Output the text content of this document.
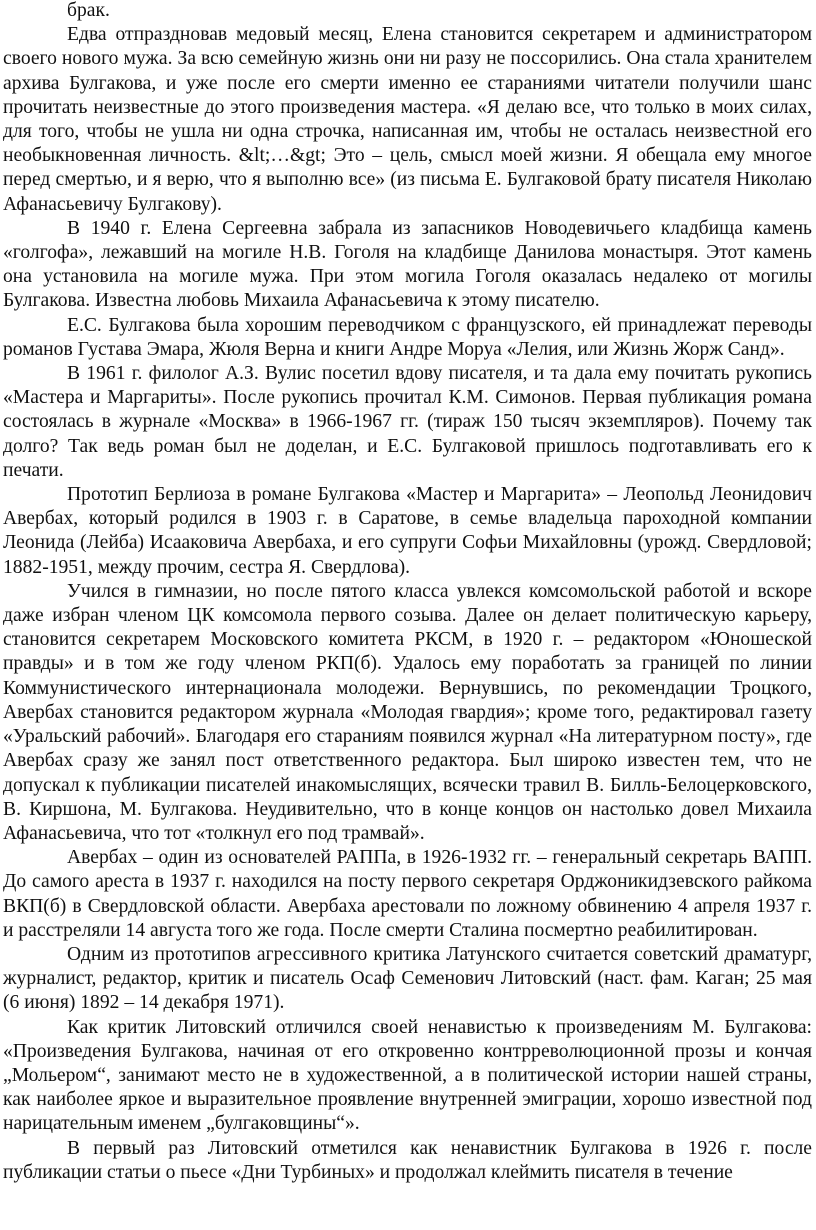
брак.

Едва отпраздновав медовый месяц, Елена становится секретарем и администратором своего нового мужа. За всю семейную жизнь они ни разу не поссорились. Она стала хранителем архива Булгакова, и уже после его смерти именно ее стараниями читатели получили шанс прочитать неизвестные до этого произведения мастера. «Я делаю все, что только в моих силах, для того, чтобы не ушла ни одна строчка, написанная им, чтобы не осталась неизвестной его необыкновенная личность. &lt;…&gt; Это – цель, смысл моей жизни. Я обещала ему многое перед смертью, и я верю, что я выполню все» (из письма Е. Булгаковой брату писателя Николаю Афанасьевичу Булгакову).

В 1940 г. Елена Сергеевна забрала из запасников Новодевичьего кладбища камень «голгофа», лежавший на могиле Н.В. Гоголя на кладбище Данилова монастыря. Этот камень она установила на могиле мужа. При этом могила Гоголя оказалась недалеко от могилы Булгакова. Известна любовь Михаила Афанасьевича к этому писателю.

Е.С. Булгакова была хорошим переводчиком с французского, ей принадлежат переводы романов Густава Эмара, Жюля Верна и книги Андре Моруа «Лелия, или Жизнь Жорж Санд».

В 1961 г. филолог А.З. Вулис посетил вдову писателя, и та дала ему почитать рукопись «Мастера и Маргариты». После рукопись прочитал К.М. Симонов. Первая публикация романа состоялась в журнале «Москва» в 1966-1967 гг. (тираж 150 тысяч экземпляров). Почему так долго? Так ведь роман был не доделан, и Е.С. Булгаковой пришлось подготавливать его к печати.

Прототип Берлиоза в романе Булгакова «Мастер и Маргарита» – Леопольд Леонидович Авербах, который родился в 1903 г. в Саратове, в семье владельца пароходной компании Леонида (Лейба) Исааковича Авербаха, и его супруги Софьи Михайловны (урожд. Свердловой; 1882-1951, между прочим, сестра Я. Свердлова).

Учился в гимназии, но после пятого класса увлекся комсомольской работой и вскоре даже избран членом ЦК комсомола первого созыва. Далее он делает политическую карьеру, становится секретарем Московского комитета РКСМ, в 1920 г. – редактором «Юношеской правды» и в том же году членом РКП(б). Удалось ему поработать за границей по линии Коммунистического интернационала молодежи. Вернувшись, по рекомендации Троцкого, Авербах становится редактором журнала «Молодая гвардия»; кроме того, редактировал газету «Уральский рабочий». Благодаря его стараниям появился журнал «На литературном посту», где Авербах сразу же занял пост ответственного редактора. Был широко известен тем, что не допускал к публикации писателей инакомыслящих, всячески травил В. Билль-Белоцерковского, В. Киршона, М. Булгакова. Неудивительно, что в конце концов он настолько довел Михаила Афанасьевича, что тот «толкнул его под трамвай».

Авербах – один из основателей РАППа, в 1926-1932 гг. – генеральный секретарь ВАПП. До самого ареста в 1937 г. находился на посту первого секретаря Орджоникидзевского райкома ВКП(б) в Свердловской области. Авербаха арестовали по ложному обвинению 4 апреля 1937 г. и расстреляли 14 августа того же года. После смерти Сталина посмертно реабилитирован.

Одним из прототипов агрессивного критика Латунского считается советский драматург, журналист, редактор, критик и писатель Осаф Семенович Литовский (наст. фам. Каган; 25 мая (6 июня) 1892 – 14 декабря 1971).

Как критик Литовский отличился своей ненавистью к произведениям М. Булгакова: «Произведения Булгакова, начиная от его откровенно контрреволюционной прозы и кончая „Мольером“, занимают место не в художественной, а в политической истории нашей страны, как наиболее яркое и выразительное проявление внутренней эмиграции, хорошо известной под нарицательным именем „булгаковщины“».

В первый раз Литовский отметился как ненавистник Булгакова в 1926 г. после публикации статьи о пьесе «Дни Турбиных» и продолжал клеймить писателя в течение
